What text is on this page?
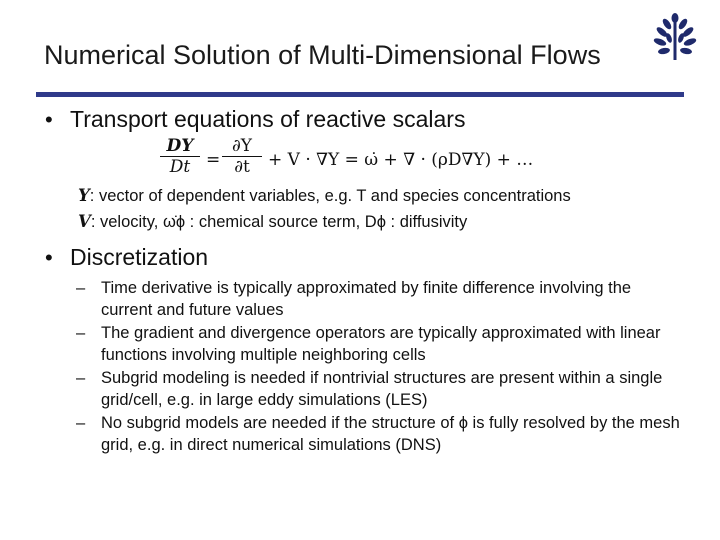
Numerical Solution of Multi-Dimensional Flows
• Transport equations of reactive scalars
$\frac{DY}{Dt} = \frac{\partial Y}{\partial t} + V \cdot \nabla Y$ = ω̇ + ∇ · (ρD∇Y) + …
Y: vector of dependent variables, e.g. T and species concentrations
V: velocity, ω̇ϕ : chemical source term, Dϕ : diffusivity
• Discretization
– Time derivative is typically approximated by finite difference involving the current and future values
– The gradient and divergence operators are typically approximated with linear functions involving multiple neighboring cells
– Subgrid modeling is needed if nontrivial structures are present within a single grid/cell, e.g. in large eddy simulations (LES)
– No subgrid models are needed if the structure of ϕ is fully resolved by the mesh grid, e.g. in direct numerical simulations (DNS)
